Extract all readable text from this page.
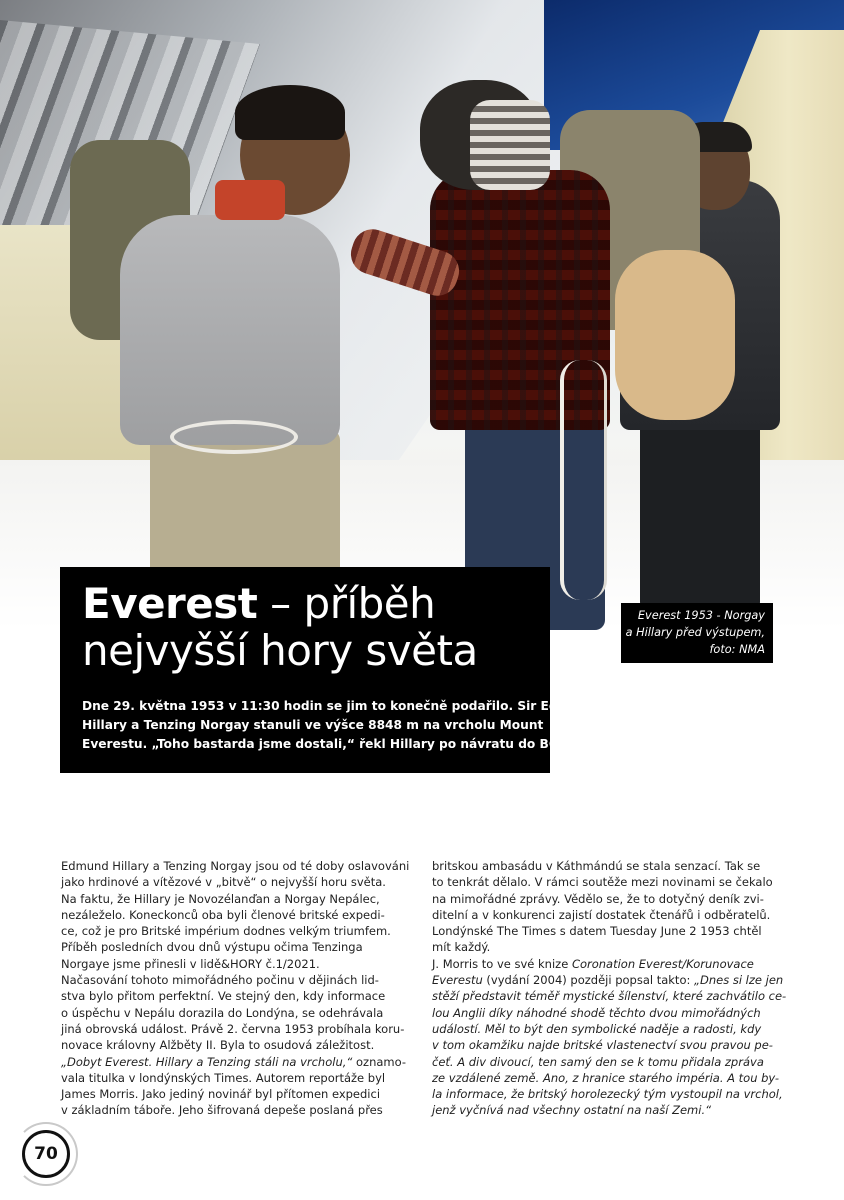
Everest – příběh
nejvyšší hory světa

Dne 29. května 1953 v 11:30 hodin se jim to konečně podařilo. Sir Edmund
Hillary a Tenzing Norgay stanuli ve výšce 8848 m na vrcholu Mount
Everestu. „Toho bastarda jsme dostali,“ řekl Hillary po návratu do BC.

Everest 1953 - Norgay
a Hillary před výstupem,
foto: NMA
Edmund Hillary a Tenzing Norgay jsou od té doby oslavováni
jako hrdinové a vítězové v „bitvě“ o nejvyšší horu světa.
Na faktu, že Hillary je Novozélanďan a Norgay Nepálec,
nezáleželo. Koneckonců oba byli členové britské expedi-
ce, což je pro Britské impérium dodnes velkým triumfem.
Příběh posledních dvou dnů výstupu očima Tenzinga
Norgaye jsme přinesli v lidě&HORY č.1/2021.
Načasování tohoto mimořádného počinu v dějinách lid-
stva bylo přitom perfektní. Ve stejný den, kdy informace
o úspěchu v Nepálu dorazila do Londýna, se odehrávala
jiná obrovská událost. Právě 2. června 1953 probíhala koru-
novace královny Alžběty II. Byla to osudová záležitost.
„Dobyt Everest. Hillary a Tenzing stáli na vrcholu,“ oznamo-
vala titulka v londýnských Times. Autorem reportáže byl
James Morris. Jako jediný novinář byl přítomen expedici
v základním táboře. Jeho šifrovaná depeše poslaná přes
britskou ambasádu v Káthmándú se stala senzací. Tak se
to tenkrát dělalo. V rámci soutěže mezi novinami se čekalo
na mimořádné zprávy. Vědělo se, že to dotyčný deník zvi-
ditelní a v konkurenci zajistí dostatek čtenářů i odběratelů.
Londýnské The Times s datem Tuesday June 2 1953 chtěl
mít každý.
J. Morris to ve své knize Coronation Everest/Korunovace
Everestu (vydání 2004) později popsal takto: „Dnes si lze jen
stěží představit téměř mystické šílenství, které zachvátilo ce-
lou Anglii díky náhodné shodě těchto dvou mimořádných
událostí. Měl to být den symbolické naděje a radosti, kdy
v tom okamžiku najde britské vlastenectví svou pravou pe-
čeť. A div divoucí, ten samý den se k tomu přidala zpráva
ze vzdálené země. Ano, z hranice starého impéria. A tou by-
la informace, že britský horolezecký tým vystoupil na vrchol,
jenž vyčnívá nad všechny ostatní na naší Zemi.“
70
